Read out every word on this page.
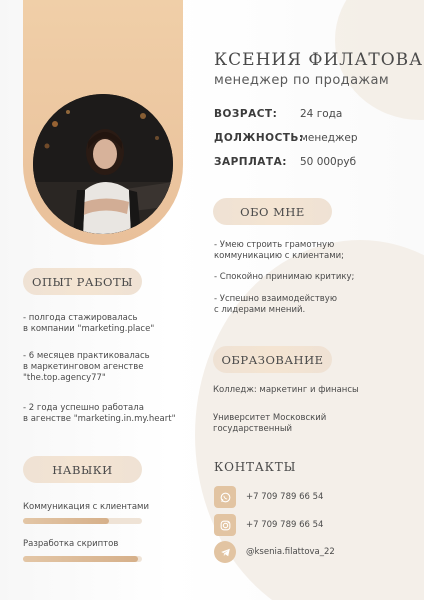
КСЕНИЯ ФИЛАТОВА
менеджер по продажам
ВОЗРАСТ: 24 года
ДОЛЖНОСТЬ:
менеджер
ЗАРПЛАТА: 50 000руб
ОБО МНЕ
- Умею строить грамотную
коммуникацию с клиентами;
- Спокойно принимаю критику;
- Успешно взаимодействую
с лидерами мнений.
ОПЫТ РАБОТЫ
- полгода стажировалась
в компании "marketing.place"
- 6 месяцев практиковалась
в маркетинговом агенстве
"the.top.agency77"
- 2 года успешно работала
в агенстве "marketing.in.my.heart"
ОБРАЗОВАНИЕ
Колледж: маркетинг и финансы
Университет Московский
государственный
НАВЫКИ
Коммуникация с клиентами
Разработка скриптов
КОНТАКТЫ
+7 709 789 66 54
+7 709 789 66 54
@ksenia.filattova_22
